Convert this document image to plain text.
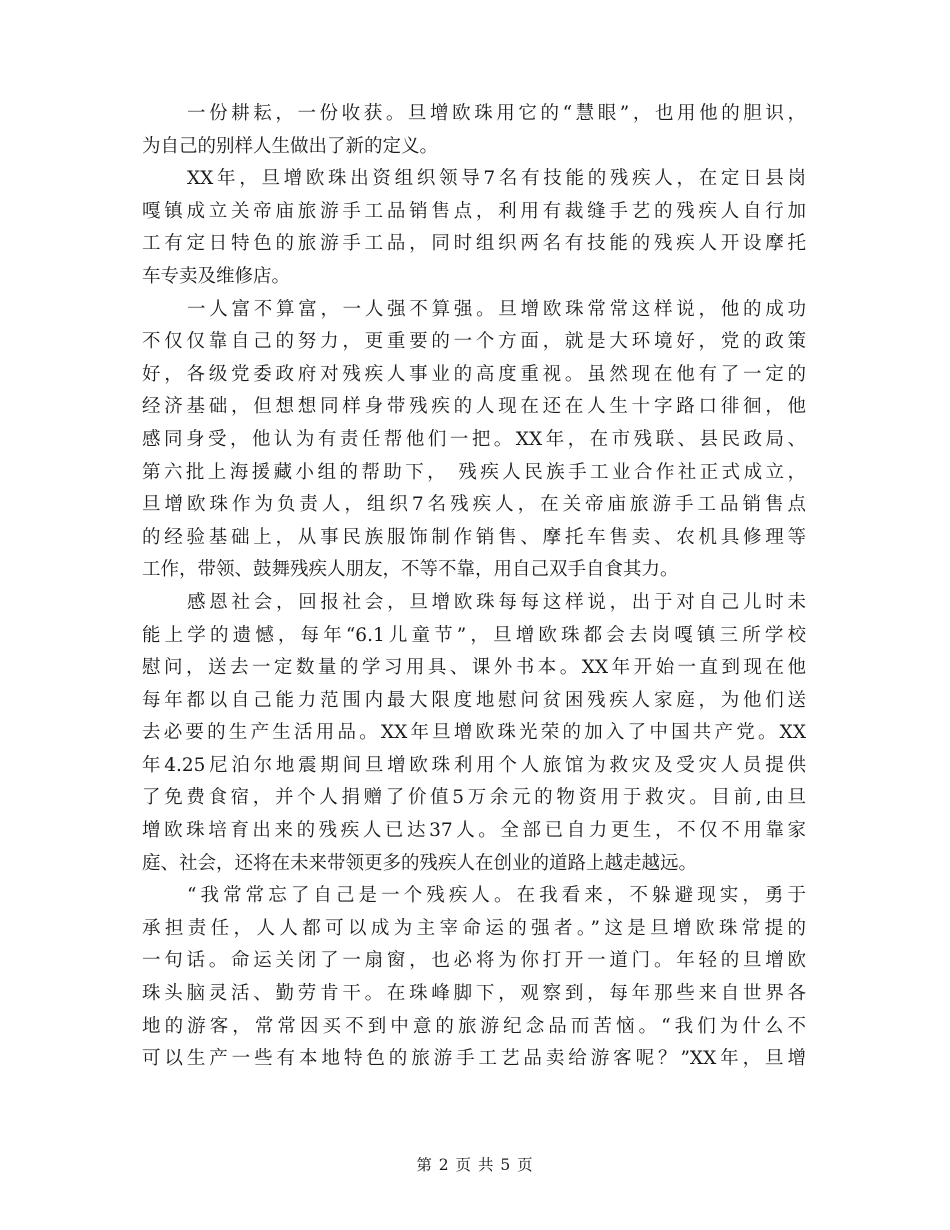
一份耕耘，一份收获。旦增欧珠用它的“慧眼”，也用他的胆识，
为自己的别样人生做出了新的定义。
XX年，旦增欧珠出资组织领导7名有技能的残疾人，在定日县岗
嘎镇成立关帝庙旅游手工品销售点，利用有裁缝手艺的残疾人自行加
工有定日特色的旅游手工品，同时组织两名有技能的残疾人开设摩托
车专卖及维修店。
一人富不算富，一人强不算强。旦增欧珠常常这样说，他的成功
不仅仅靠自己的努力，更重要的一个方面，就是大环境好，党的政策
好，各级党委政府对残疾人事业的高度重视。虽然现在他有了一定的
经济基础，但想想同样身带残疾的人现在还在人生十字路口徘徊，他
感同身受，他认为有责任帮他们一把。XX年，在市残联、县民政局、
第六批上海援藏小组的帮助下， 残疾人民族手工业合作社正式成立，
旦增欧珠作为负责人，组织7名残疾人，在关帝庙旅游手工品销售点
的经验基础上，从事民族服饰制作销售、摩托车售卖、农机具修理等
工作，带领、鼓舞残疾人朋友，不等不靠，用自己双手自食其力。
感恩社会，回报社会，旦增欧珠每每这样说，出于对自己儿时未
能上学的遗憾，每年“6.1儿童节”，旦增欧珠都会去岗嘎镇三所学校
慰问，送去一定数量的学习用具、课外书本。XX年开始一直到现在他
每年都以自己能力范围内最大限度地慰问贫困残疾人家庭，为他们送
去必要的生产生活用品。XX年旦增欧珠光荣的加入了中国共产党。XX
年4.25尼泊尔地震期间旦增欧珠利用个人旅馆为救灾及受灾人员提供
了免费食宿，并个人捐赠了价值5万余元的物资用于救灾。目前,由旦
增欧珠培育出来的残疾人已达37人。全部已自力更生，不仅不用靠家
庭、社会，还将在未来带领更多的残疾人在创业的道路上越走越远。
“我常常忘了自己是一个残疾人。在我看来，不躲避现实，勇于
承担责任，人人都可以成为主宰命运的强者。”这是旦增欧珠常提的
一句话。命运关闭了一扇窗，也必将为你打开一道门。年轻的旦增欧
珠头脑灵活、勤劳肯干。在珠峰脚下，观察到，每年那些来自世界各
地的游客，常常因买不到中意的旅游纪念品而苦恼。“我们为什么不
可以生产一些有本地特色的旅游手工艺品卖给游客呢？”XX年，旦增
第 2 页 共 5 页
